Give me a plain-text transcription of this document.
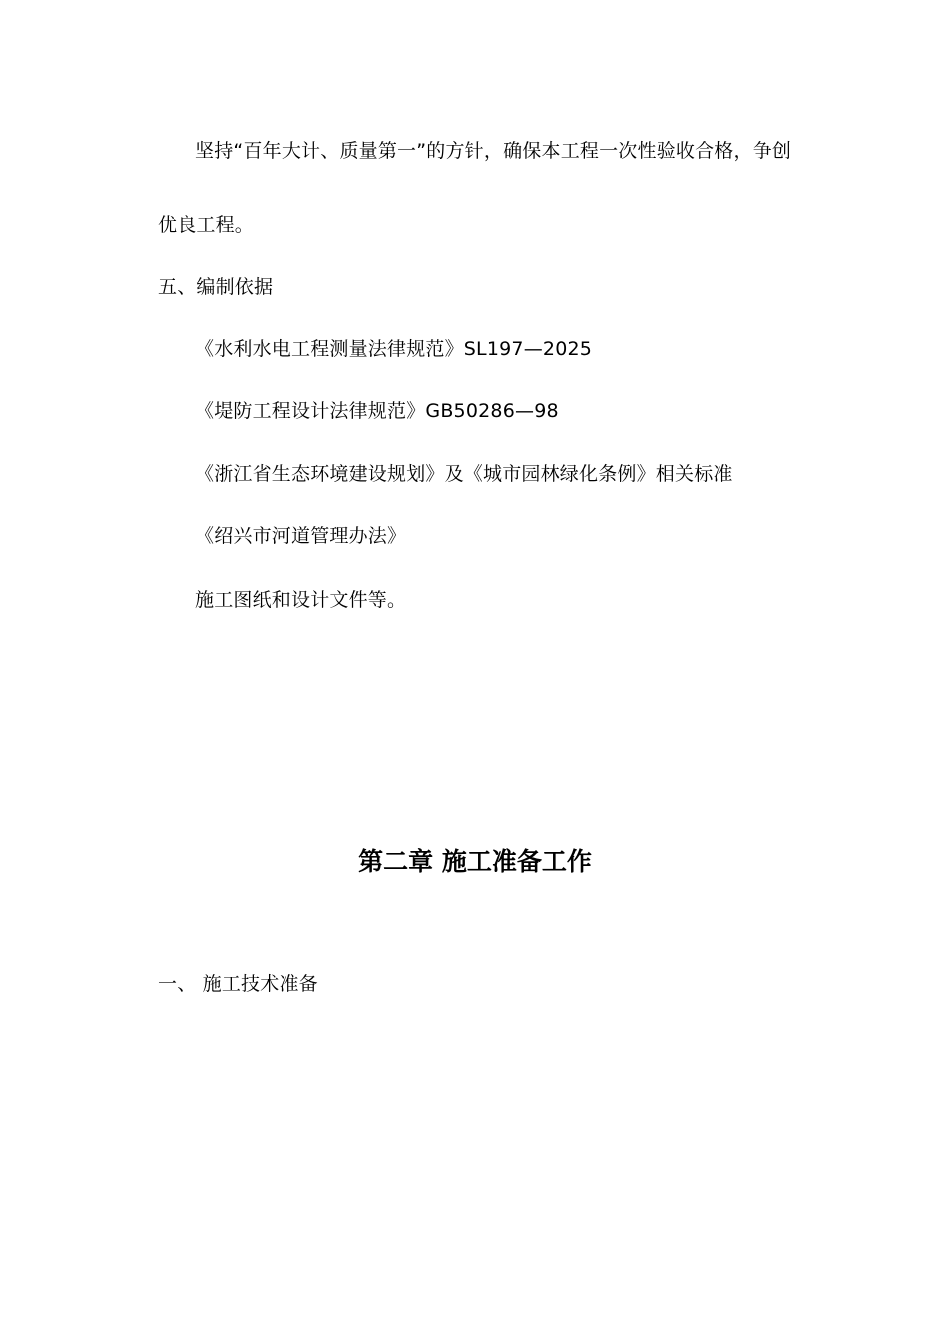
坚持“百年大计、质量第一”的方针，确保本工程一次性验收合格，争创
优良工程。
五、编制依据
《水利水电工程测量法律规范》SL197—2025
《堤防工程设计法律规范》GB50286—98
《浙江省生态环境建设规划》及《城市园林绿化条例》相关标准
《绍兴市河道管理办法》
施工图纸和设计文件等。
第二章 施工准备工作
一、 施工技术准备
